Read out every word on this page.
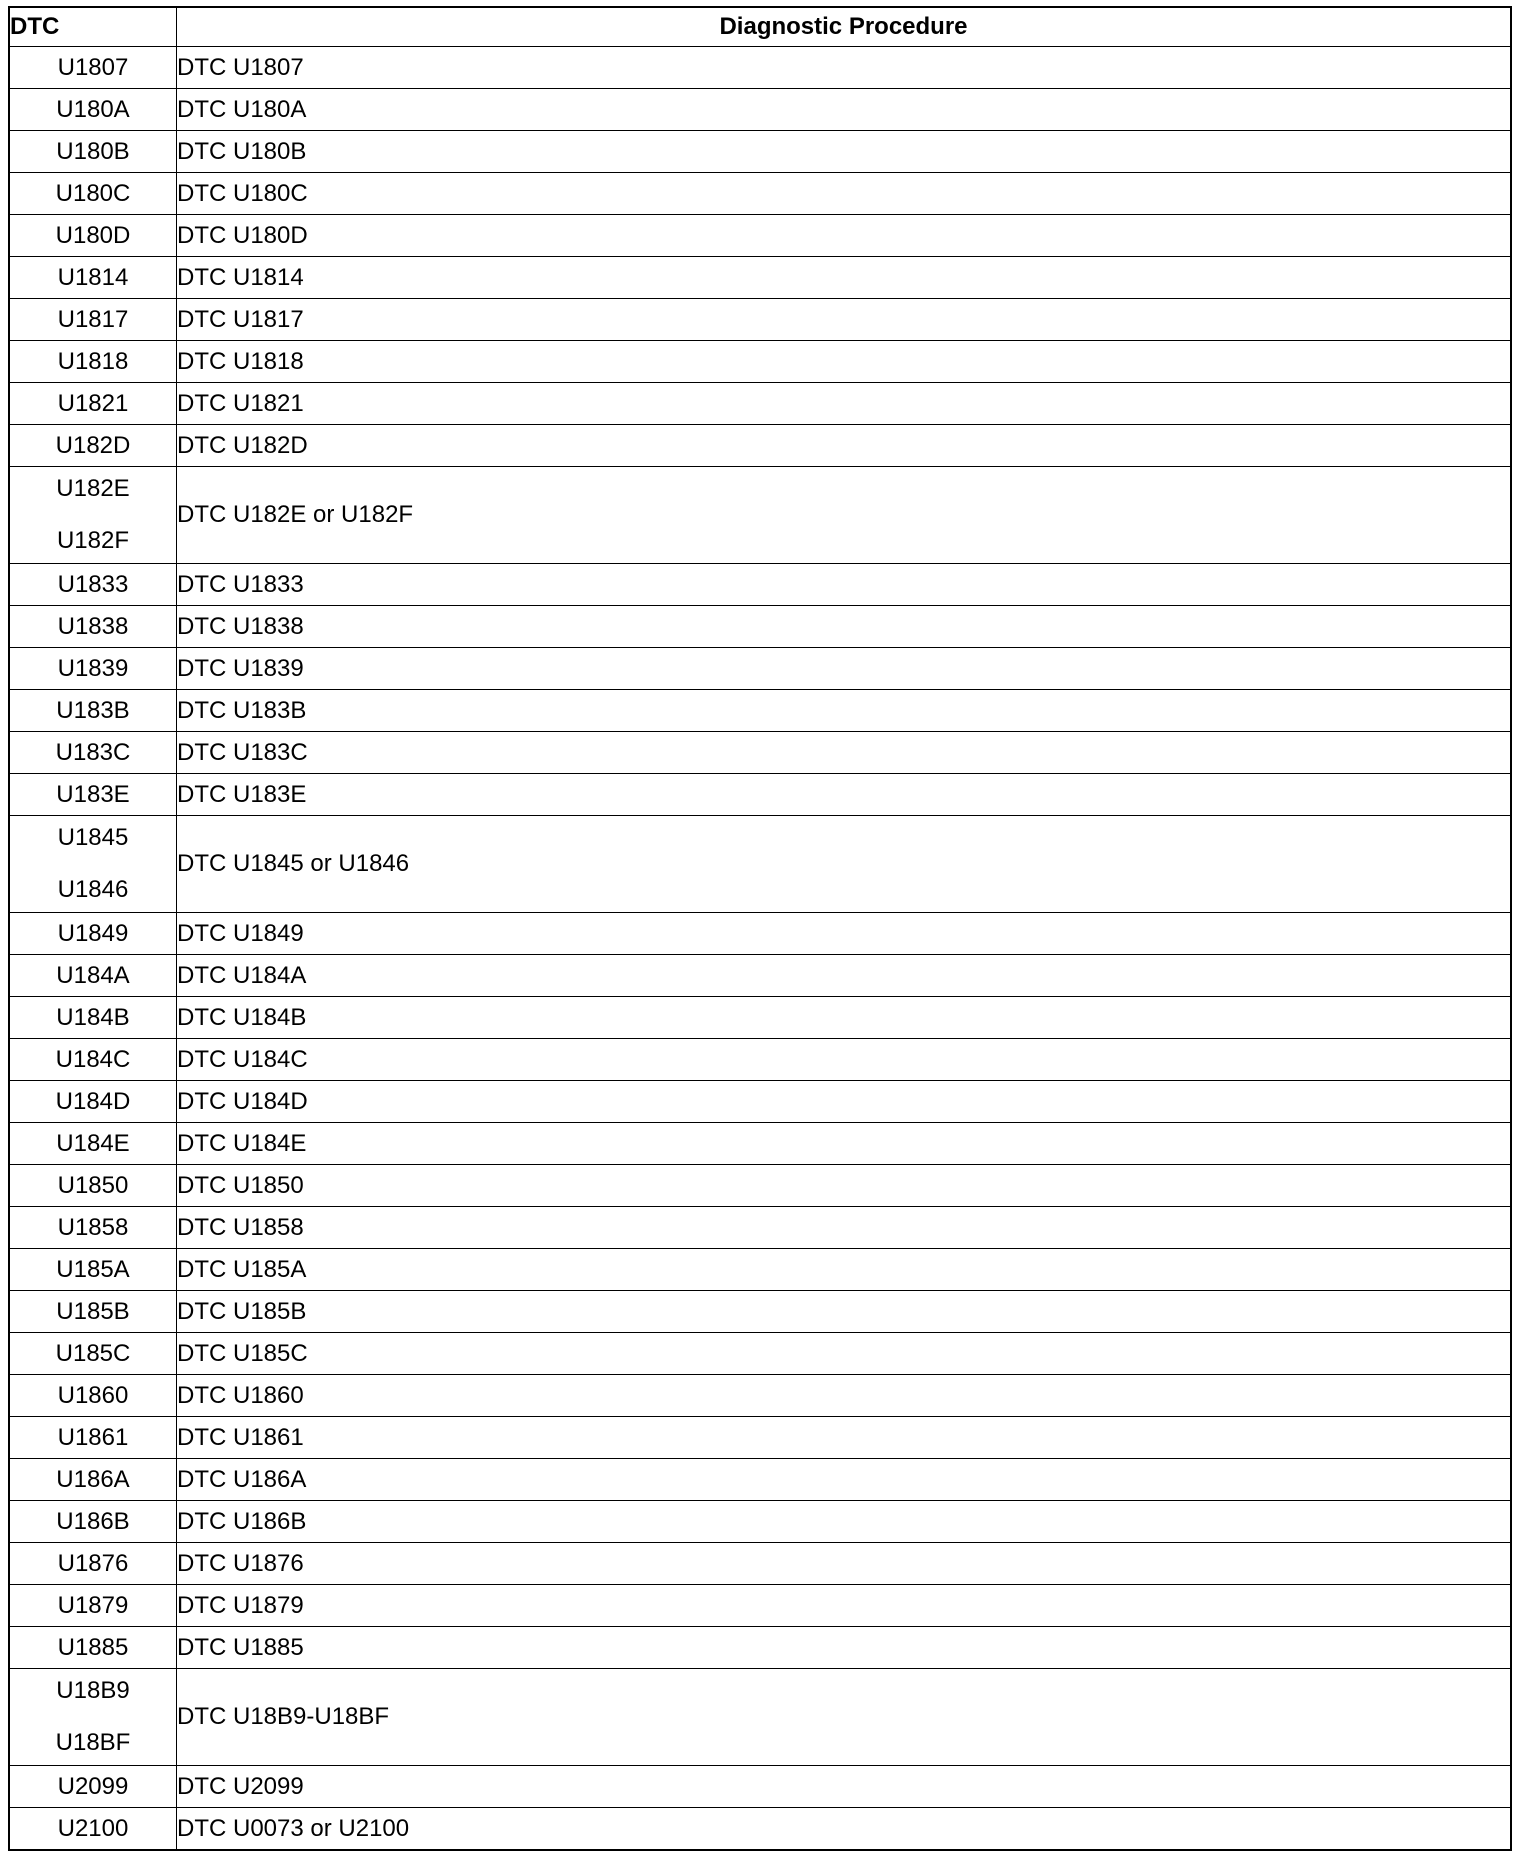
DTC	Diagnostic Procedure

U1807	DTC U1807

U180A	DTC U180A

U180B	DTC U180B

U180C	DTC U180C

U180D	DTC U180D

U1814	DTC U1814

U1817	DTC U1817

U1818	DTC U1818

U1821	DTC U1821

U182D	DTC U182D

U182E
U182F	DTC U182E or U182F

U1833	DTC U1833

U1838	DTC U1838

U1839	DTC U1839

U183B	DTC U183B

U183C	DTC U183C

U183E	DTC U183E

U1845
U1846	DTC U1845 or U1846

U1849	DTC U1849

U184A	DTC U184A

U184B	DTC U184B

U184C	DTC U184C

U184D	DTC U184D

U184E	DTC U184E

U1850	DTC U1850

U1858	DTC U1858

U185A	DTC U185A

U185B	DTC U185B

U185C	DTC U185C

U1860	DTC U1860

U1861	DTC U1861

U186A	DTC U186A

U186B	DTC U186B

U1876	DTC U1876

U1879	DTC U1879

U1885	DTC U1885

U18B9
U18BF	DTC U18B9-U18BF

U2099	DTC U2099

U2100	DTC U0073 or U2100
